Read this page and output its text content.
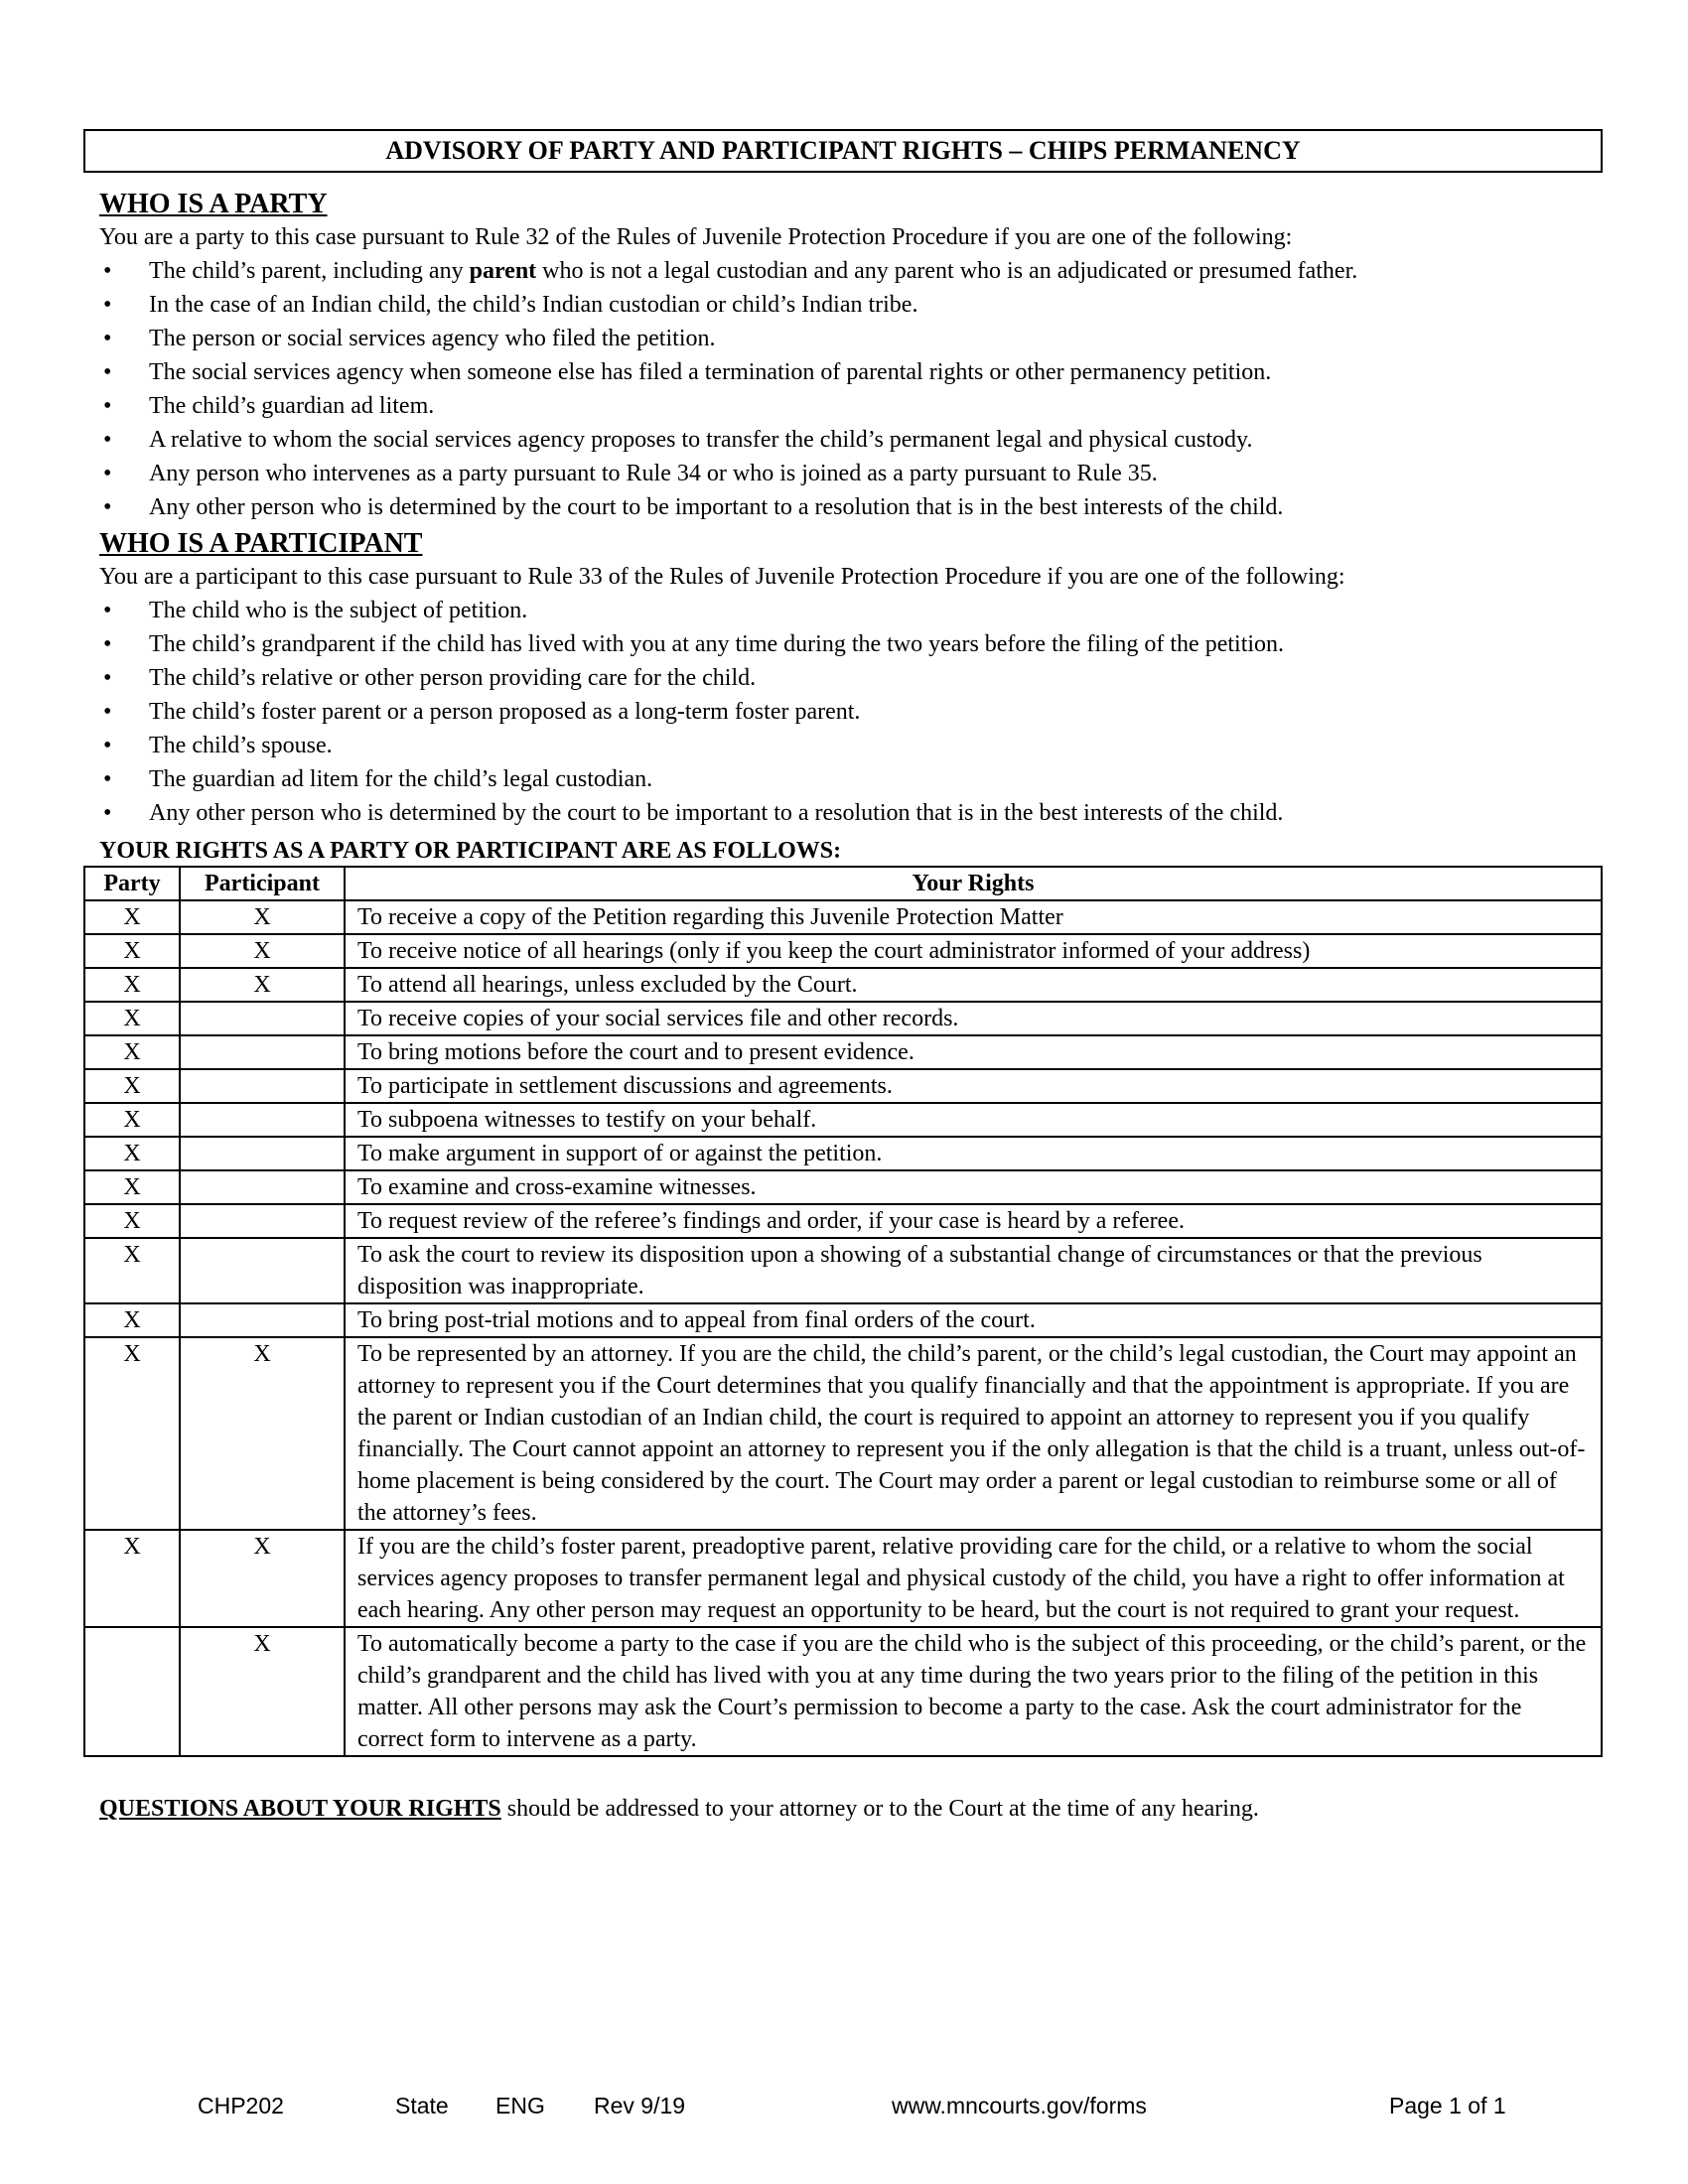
ADVISORY OF PARTY AND PARTICIPANT RIGHTS – CHIPS PERMANENCY
WHO IS A PARTY
You are a party to this case pursuant to Rule 32 of the Rules of Juvenile Protection Procedure if you are one of the following:
• The child’s parent, including any parent who is not a legal custodian and any parent who is an adjudicated or presumed father.
• In the case of an Indian child, the child’s Indian custodian or child’s Indian tribe.
• The person or social services agency who filed the petition.
• The social services agency when someone else has filed a termination of parental rights or other permanency petition.
• The child’s guardian ad litem.
• A relative to whom the social services agency proposes to transfer the child’s permanent legal and physical custody.
• Any person who intervenes as a party pursuant to Rule 34 or who is joined as a party pursuant to Rule 35.
• Any other person who is determined by the court to be important to a resolution that is in the best interests of the child.
WHO IS A PARTICIPANT
You are a participant to this case pursuant to Rule 33 of the Rules of Juvenile Protection Procedure if you are one of the following:
• The child who is the subject of petition.
• The child’s grandparent if the child has lived with you at any time during the two years before the filing of the petition.
• The child’s relative or other person providing care for the child.
• The child’s foster parent or a person proposed as a long-term foster parent.
• The child’s spouse.
• The guardian ad litem for the child’s legal custodian.
• Any other person who is determined by the court to be important to a resolution that is in the best interests of the child.
YOUR RIGHTS AS A PARTY OR PARTICIPANT ARE AS FOLLOWS:
Party	Participant	Your Rights
X	X	To receive a copy of the Petition regarding this Juvenile Protection Matter
X	X	To receive notice of all hearings (only if you keep the court administrator informed of your address)
X	X	To attend all hearings, unless excluded by the Court.
X		To receive copies of your social services file and other records.
X		To bring motions before the court and to present evidence.
X		To participate in settlement discussions and agreements.
X		To subpoena witnesses to testify on your behalf.
X		To make argument in support of or against the petition.
X		To examine and cross-examine witnesses.
X		To request review of the referee’s findings and order, if your case is heard by a referee.
X		To ask the court to review its disposition upon a showing of a substantial change of circumstances or that the previous disposition was inappropriate.
X		To bring post-trial motions and to appeal from final orders of the court.
X	X	To be represented by an attorney. If you are the child, the child’s parent, or the child’s legal custodian, the Court may appoint an attorney to represent you if the Court determines that you qualify financially and that the appointment is appropriate. If you are the parent or Indian custodian of an Indian child, the court is required to appoint an attorney to represent you if you qualify financially. The Court cannot appoint an attorney to represent you if the only allegation is that the child is a truant, unless out-of-home placement is being considered by the court. The Court may order a parent or legal custodian to reimburse some or all of the attorney’s fees.
X	X	If you are the child’s foster parent, preadoptive parent, relative providing care for the child, or a relative to whom the social services agency proposes to transfer permanent legal and physical custody of the child, you have a right to offer information at each hearing. Any other person may request an opportunity to be heard, but the court is not required to grant your request.
	X	To automatically become a party to the case if you are the child who is the subject of this proceeding, or the child’s parent, or the child’s grandparent and the child has lived with you at any time during the two years prior to the filing of the petition in this matter. All other persons may ask the Court’s permission to become a party to the case. Ask the court administrator for the correct form to intervene as a party.
QUESTIONS ABOUT YOUR RIGHTS should be addressed to your attorney or to the Court at the time of any hearing.
CHP202	State ENG Rev 9/19	www.mncourts.gov/forms	Page 1 of 1
